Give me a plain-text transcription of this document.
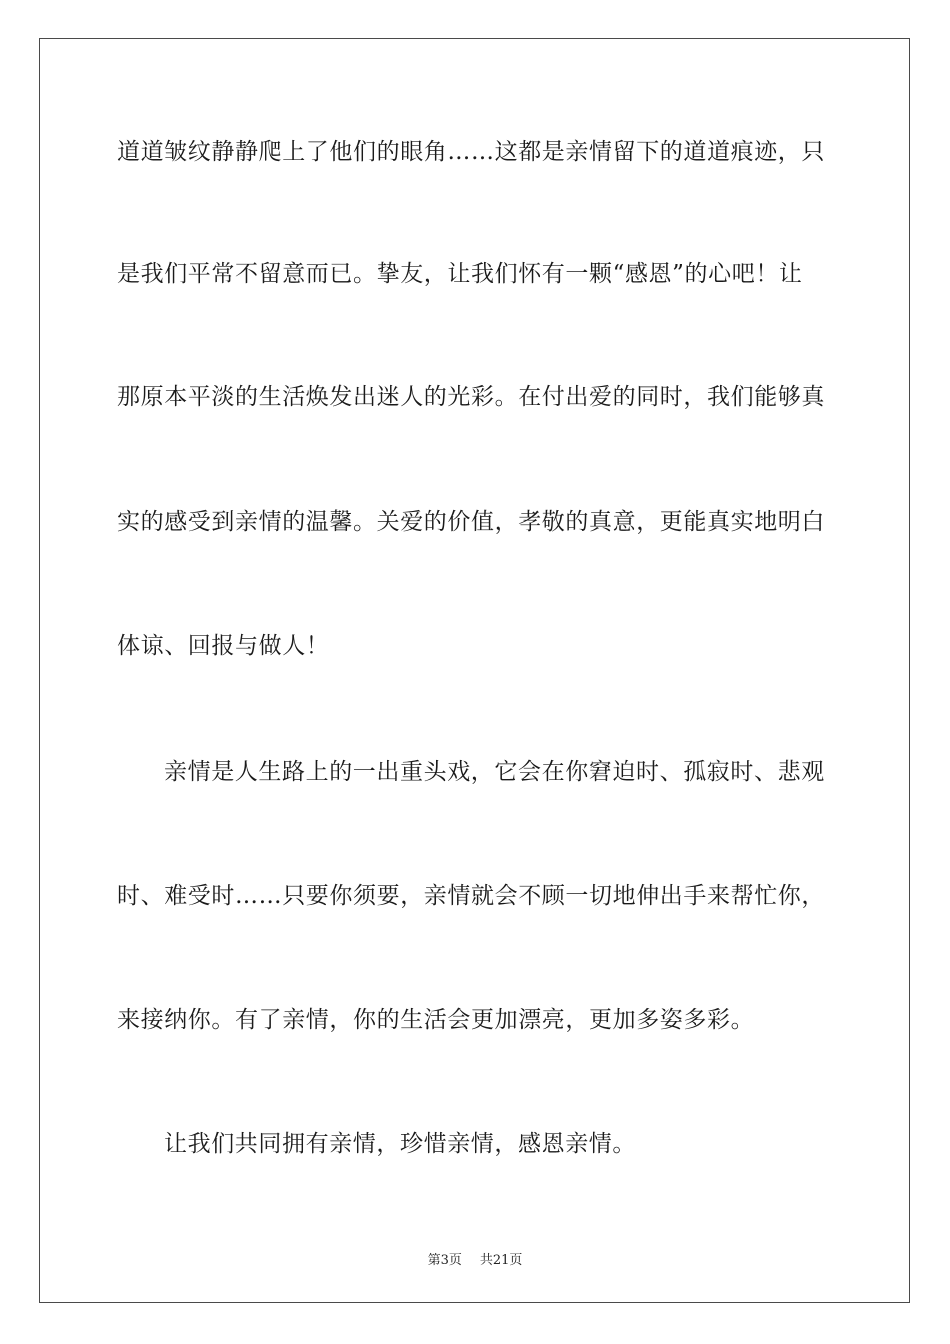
道道皱纹静静爬上了他们的眼角……这都是亲情留下的道道痕迹，只
是我们平常不留意而已。挚友，让我们怀有一颗“感恩”的心吧！让
那原本平淡的生活焕发出迷人的光彩。在付出爱的同时，我们能够真
实的感受到亲情的温馨。关爱的价值，孝敬的真意，更能真实地明白
体谅、回报与做人！
亲情是人生路上的一出重头戏，它会在你窘迫时、孤寂时、悲观
时、难受时……只要你须要，亲情就会不顾一切地伸出手来帮忙你，
来接纳你。有了亲情，你的生活会更加漂亮，更加多姿多彩。
让我们共同拥有亲情，珍惜亲情，感恩亲情。
第3页 共21页
